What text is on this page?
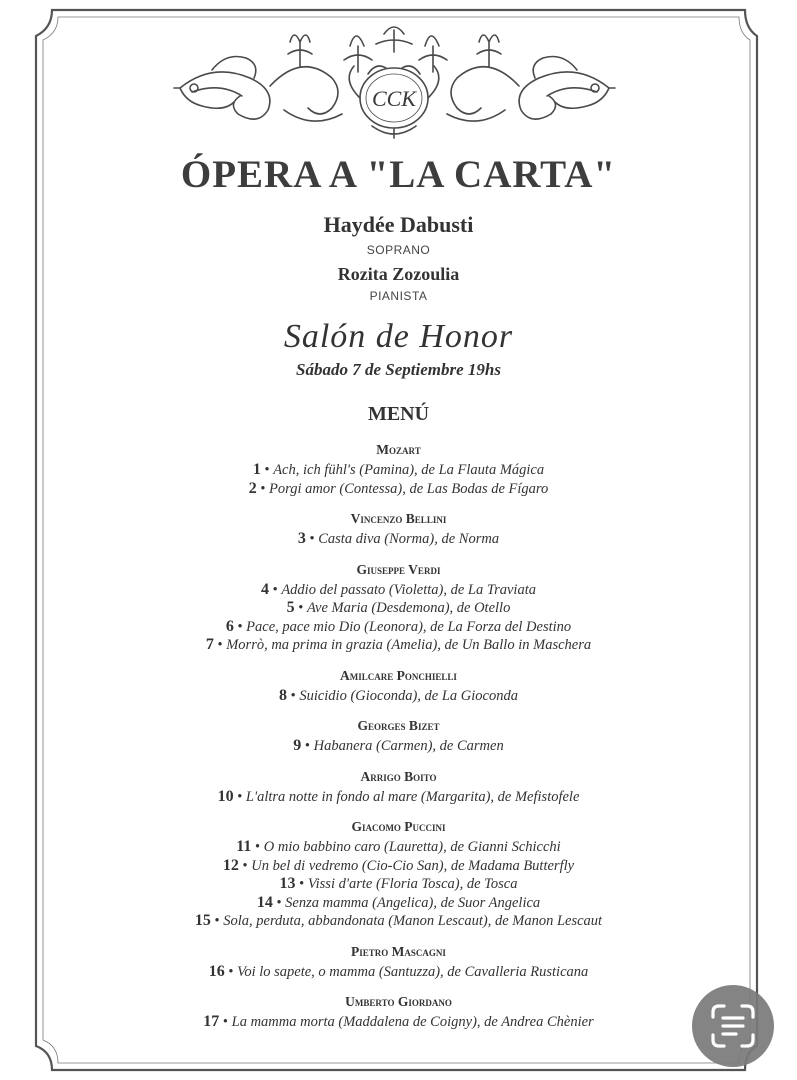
CCK
ÓPERA A "LA CARTA"
Haydée Dabusti
SOPRANO
Rozita Zozoulia
PIANISTA
Salón de Honor
Sábado 7 de Septiembre 19hs
MENÚ
Mozart
1 • Ach, ich fühl's (Pamina), de La Flauta Mágica
2 • Porgi amor (Contessa), de Las Bodas de Fígaro
Vincenzo Bellini
3 • Casta diva (Norma), de Norma
Giuseppe Verdi
4 • Addio del passato (Violetta), de La Traviata
5 • Ave Maria (Desdemona), de Otello
6 • Pace, pace mio Dio (Leonora), de La Forza del Destino
7 • Morrò, ma prima in grazia (Amelia), de Un Ballo in Maschera
Amilcare Ponchielli
8 • Suicidio (Gioconda), de La Gioconda
Georges Bizet
9 • Habanera (Carmen), de Carmen
Arrigo Boito
10 • L'altra notte in fondo al mare (Margarita), de Mefistofele
Giacomo Puccini
11 • O mio babbino caro (Lauretta), de Gianni Schicchi
12 • Un bel di vedremo (Cio-Cio San), de Madama Butterfly
13 • Vissi d'arte (Floria Tosca), de Tosca
14 • Senza mamma (Angelica), de Suor Angelica
15 • Sola, perduta, abbandonata (Manon Lescaut), de Manon Lescaut
Pietro Mascagni
16 • Voi lo sapete, o mamma (Santuzza), de Cavalleria Rusticana
Umberto Giordano
17 • La mamma morta (Maddalena de Coigny), de Andrea Chènier
